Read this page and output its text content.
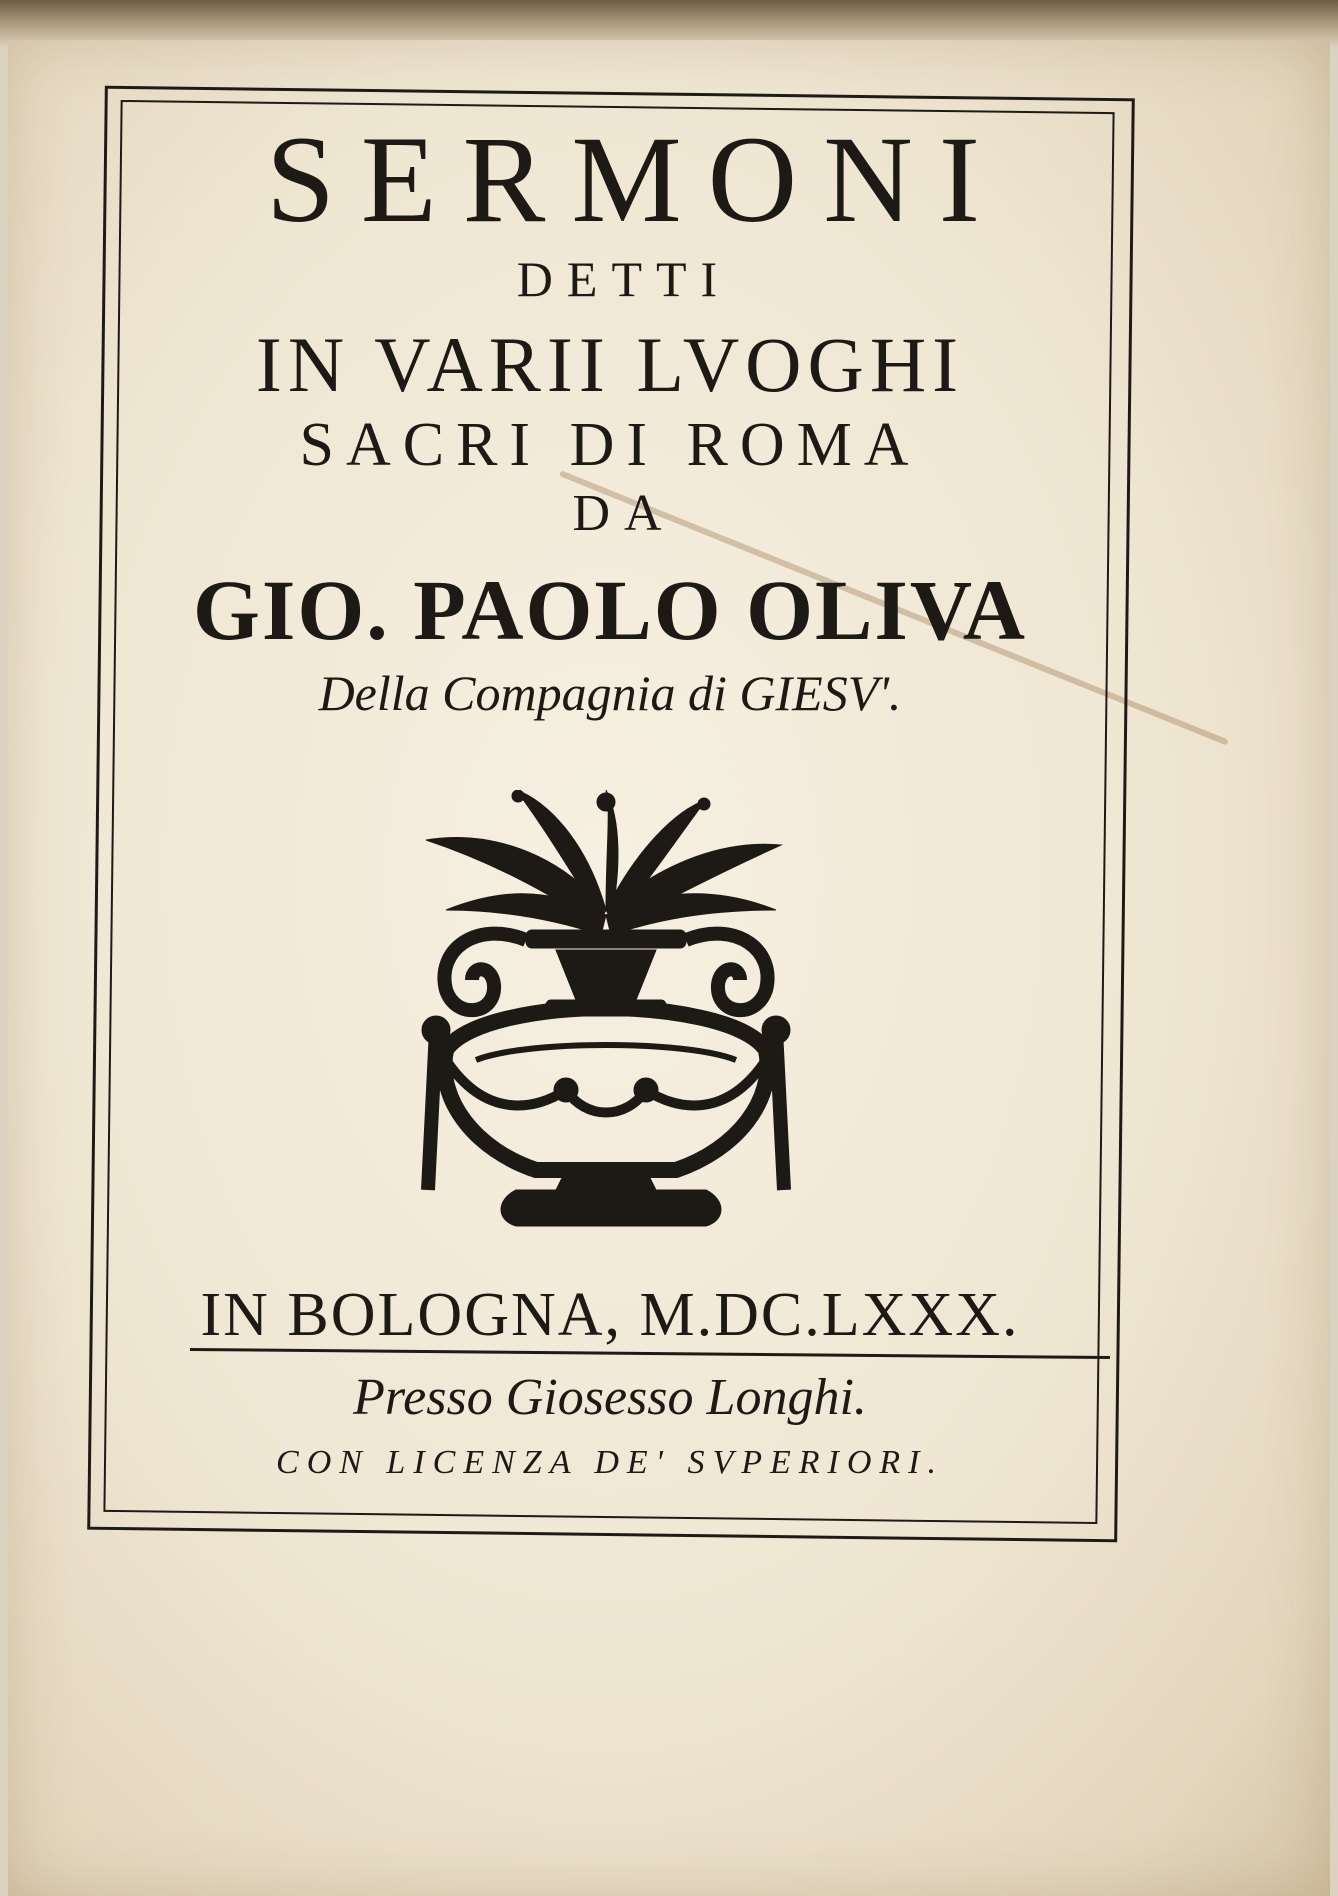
SERMONI
DETTI
IN VARII LVOGHI
SACRI DI ROMA
DA
GIO. PAOLO OLIVA
Della Compagnia di GIESV'.
IN BOLOGNA, M.DC.LXXX.
Presso Giosesso Longhi.
CON LICENZA DE' SVPERIORI.
